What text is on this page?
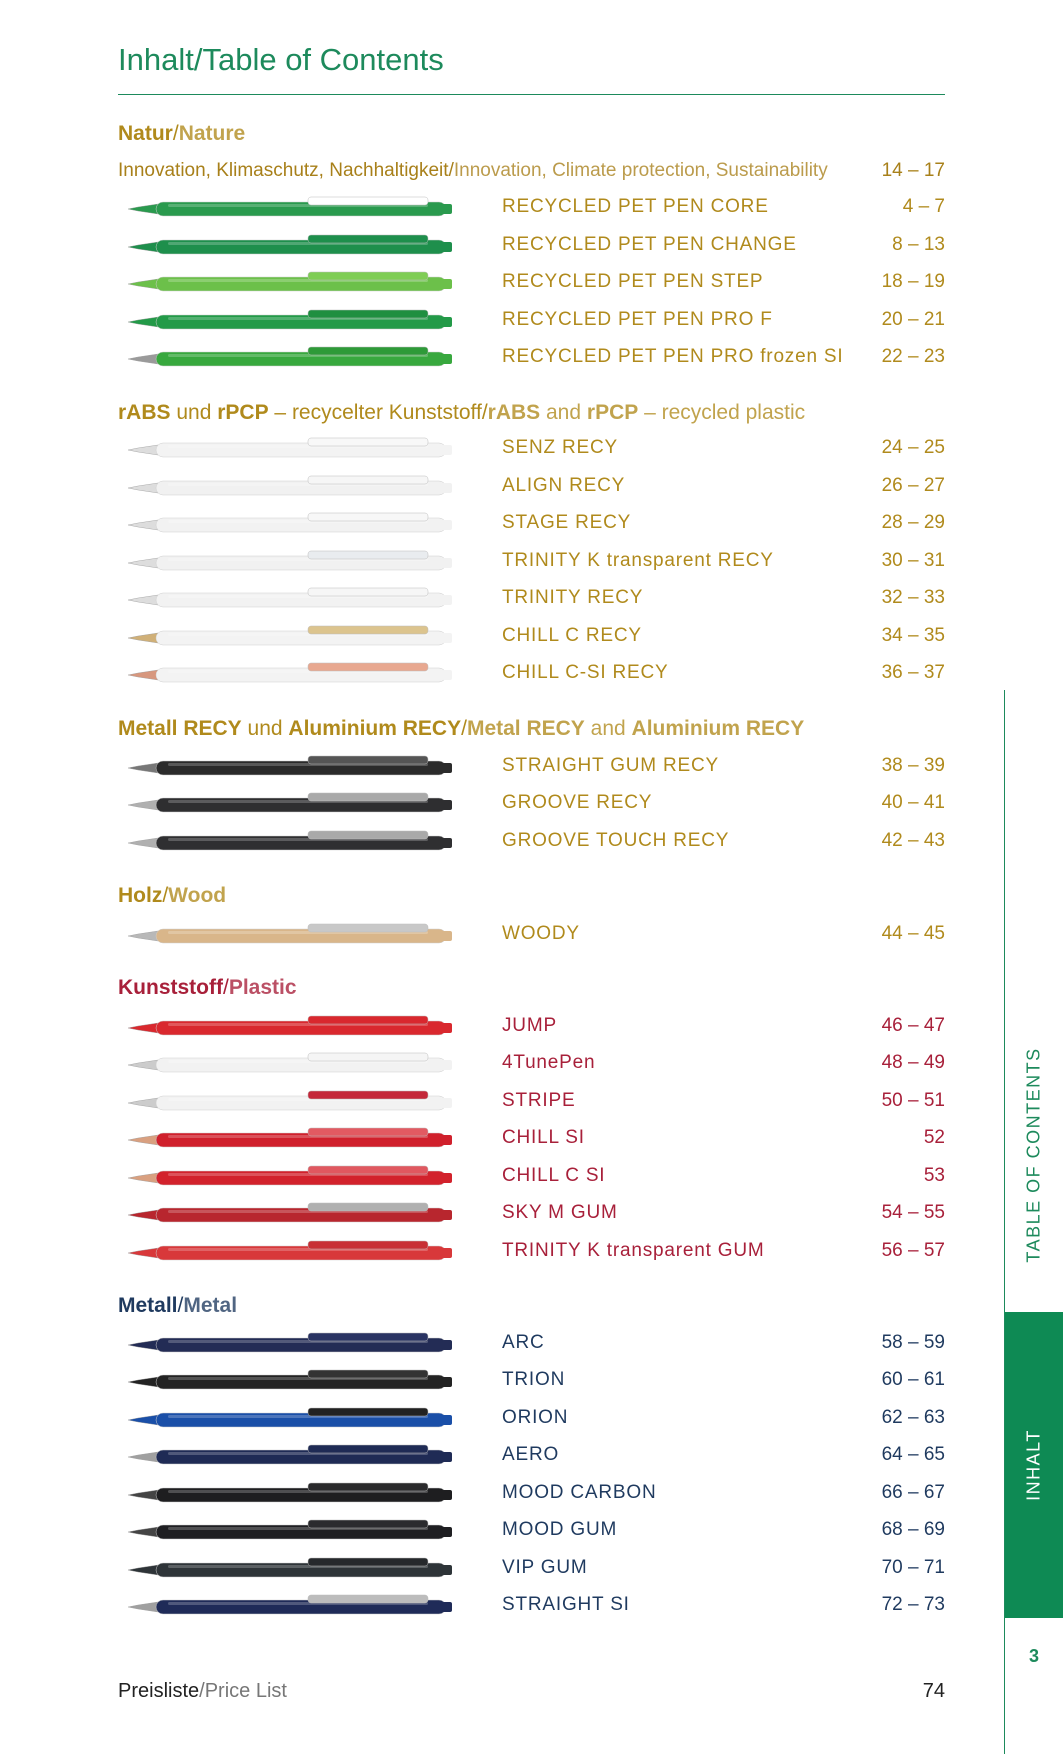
Inhalt/Table of Contents
Natur/Nature
Innovation, Klimaschutz, Nachhaltigkeit/Innovation, Climate protection, Sustainability	14 – 17
RECYCLED PET PEN CORE	4 – 7
RECYCLED PET PEN CHANGE	8 – 13
RECYCLED PET PEN STEP	18 – 19
RECYCLED PET PEN PRO F	20 – 21
RECYCLED PET PEN PRO frozen SI 22 – 23
rABS und rPCP – recycelter Kunststoff/rABS and rPCP – recycled plastic
SENZ RECY	24 – 25
ALIGN RECY	26 – 27
STAGE RECY	28 – 29
TRINITY K transparent RECY	30 – 31
TRINITY RECY	32 – 33
CHILL C RECY	34 – 35
CHILL C-SI RECY	36 – 37
Metall RECY und Aluminium RECY/Metal RECY and Aluminium RECY
STRAIGHT GUM RECY	38 – 39
GROOVE RECY	40 – 41
GROOVE TOUCH RECY	42 – 43
Holz/Wood
WOODY	44 – 45
Kunststoff/Plastic
JUMP	46 – 47
4TunePen	48 – 49
STRIPE	50 – 51
CHILL SI	52
CHILL C SI	53
SKY M GUM	54 – 55
TRINITY K transparent GUM	56 – 57
Metall/Metal
ARC	58 – 59
TRION	60 – 61
ORION	62 – 63
AERO	64 – 65
MOOD CARBON	66 – 67
MOOD GUM	68 – 69
VIP GUM	70 – 71
STRAIGHT SI	72 – 73
Preisliste/Price List	74
TABLE OF CONTENTS
INHALT
3
